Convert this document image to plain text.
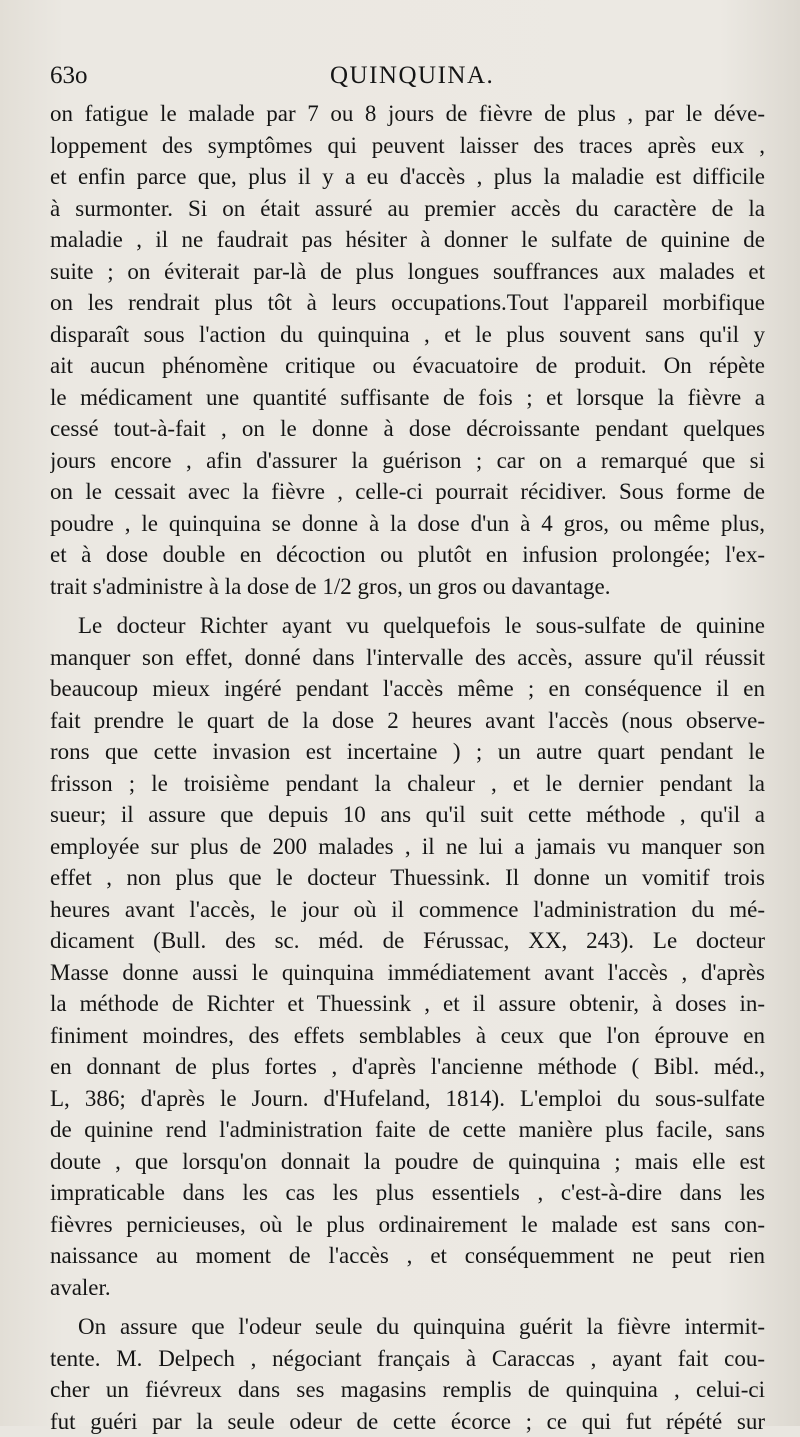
63o	QUINQUINA.

on fatigue le malade par 7 ou 8 jours de fièvre de plus , par le déve-

loppement des symptômes qui peuvent laisser des traces après eux ,

et enfin parce que, plus il y a eu d'accès , plus la maladie est difficile

à surmonter. Si on était assuré au premier accès du caractère de la

maladie , il ne faudrait pas hésiter à donner le sulfate de quinine de

suite ; on éviterait par-là de plus longues souffrances aux malades et

on les rendrait plus tôt à leurs occupations.Tout l'appareil morbifique

disparaît sous l'action du quinquina , et le plus souvent sans qu'il y

ait aucun phénomène critique ou évacuatoire de produit. On répète

le médicament une quantité suffisante de fois ; et lorsque la fièvre a

cessé tout-à-fait , on le donne à dose décroissante pendant quelques

jours encore , afin d'assurer la guérison ; car on a remarqué que si

on le cessait avec la fièvre , celle-ci pourrait récidiver. Sous forme de

poudre , le quinquina se donne à la dose d'un à 4 gros, ou même plus,

et à dose double en décoction ou plutôt en infusion prolongée; l'ex-

trait s'administre à la dose de 1/2 gros, un gros ou davantage.

Le docteur Richter ayant vu quelquefois le sous-sulfate de quinine

manquer son effet, donné dans l'intervalle des accès, assure qu'il réussit

beaucoup mieux ingéré pendant l'accès même ; en conséquence il en

fait prendre le quart de la dose 2 heures avant l'accès (nous observe-

rons que cette invasion est incertaine ) ; un autre quart pendant le

frisson ; le troisième pendant la chaleur , et le dernier pendant la

sueur; il assure que depuis 10 ans qu'il suit cette méthode , qu'il a

employée sur plus de 200 malades , il ne lui a jamais vu manquer son

effet , non plus que le docteur Thuessink. Il donne un vomitif trois

heures avant l'accès, le jour où il commence l'administration du mé-

dicament (Bull. des sc. méd. de Férussac, XX, 243). Le docteur

Masse donne aussi le quinquina immédiatement avant l'accès , d'après

la méthode de Richter et Thuessink , et il assure obtenir, à doses in-

finiment moindres, des effets semblables à ceux que l'on éprouve en

en donnant de plus fortes , d'après l'ancienne méthode ( Bibl. méd.,

L, 386; d'après le Journ. d'Hufeland, 1814). L'emploi du sous-sulfate

de quinine rend l'administration faite de cette manière plus facile, sans

doute , que lorsqu'on donnait la poudre de quinquina ; mais elle est

impraticable dans les cas les plus essentiels , c'est-à-dire dans les

fièvres pernicieuses, où le plus ordinairement le malade est sans con-

naissance au moment de l'accès , et conséquemment ne peut rien

avaler.

On assure que l'odeur seule du quinquina guérit la fièvre intermit-

tente. M. Delpech , négociant français à Caraccas , ayant fait cou-

cher un fiévreux dans ses magasins remplis de quinquina , celui-ci

fut guéri par la seule odeur de cette écorce ; ce qui fut répété sur
